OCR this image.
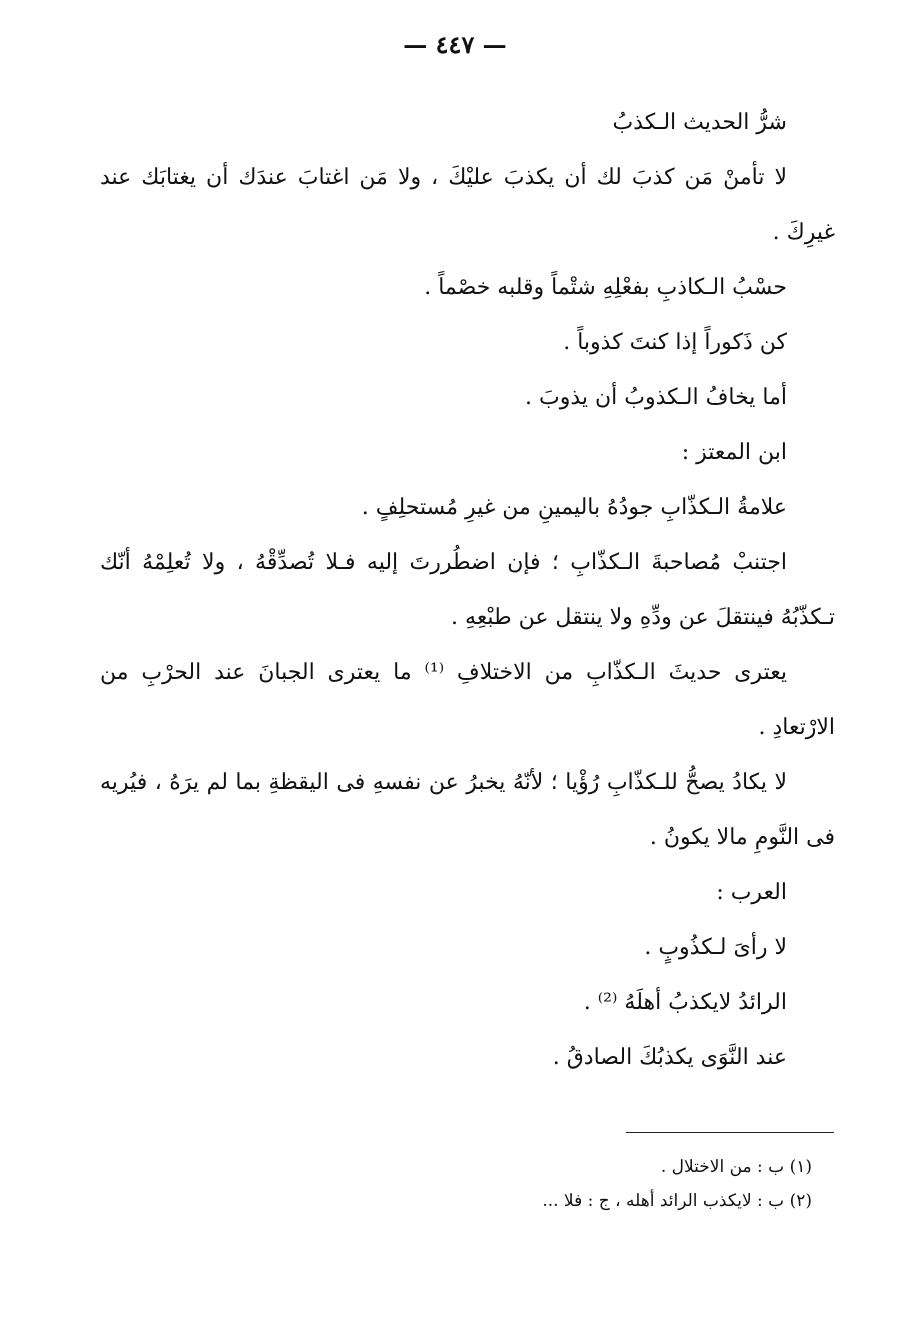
— ٤٤٧ —
شرُّ الحديث الـكذبُ
لا تأمنْ مَن كذبَ لك أن يكذبَ عليْكَ ، ولا مَن اغتابَ عندَك أن يغتابَك عند
غيرِكَ .
حسْبُ الـكاذبِ بفعْلِهِ شتْماً وقلبه خصْماً .
كن ذَكوراً إذا كنتَ كذوباً .
أما يخافُ الـكذوبُ أن يذوبَ .
ابن المعتز :
علامةُ الـكذّابِ جودُهُ باليمينِ من غيرِ مُستحلِفٍ .
اجتنبْ مُصاحبةَ الـكذّابِ ؛ فإن اضطُررتَ إليه فـلا تُصدِّقْهُ ، ولا تُعلِمْهُ أنّك
تـكذّبُهُ فينتقلَ عن ودِّهِ ولا ينتقل عن طبْعِهِ .
يعترى حديثَ الـكذّابِ من الاختلافِ ⁽¹⁾ ما يعترى الجبانَ عند الحرْبِ من
الارْتعادِ .
لا يكادُ يصحُّ للـكذّابِ رُؤْيا ؛ لأنّهُ يخبرُ عن نفسهِ فى اليقظةِ بما لم يرَهُ ، فيُريه
فى النَّومِ مالا يكونُ .
العرب :
لا رأىَ لـكذُوبٍ .
الرائدُ لايكذبُ أهلَهُ ⁽²⁾ .
عند النَّوَى يكذبُكَ الصادقُ .
(١) ب : من الاختلال .
(٢) ب : لايكذب الرائد أهله ، ج : فلا ...
